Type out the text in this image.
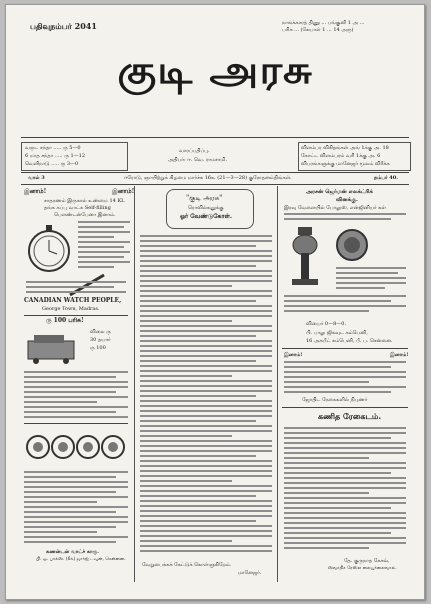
பதிவுநம்பர் 2041	நாங்க்காரத் திணு ... பங்குனி 1 அ ...
பரிசு ... (கேயாள் 1 ... 14 அரு)
குடி அரசு
வருட சந்தா ..... ரு 5—0
6 மாத சந்தா ..... ரு 1—12
வெளிநாடு ..... ரு 3—0
வாரப்பதிப்பு.
அதிபர்: ஈ. வெ. ராமசாமி.
விளம்பர விகிதங்கள் அங் 1க்கு அ. 18
கோட்ட விளம்பரம் வரி 1க்கு அ. 6
விபரங்களுக்கு மானேஜர் மூலம் விரீக்க
வால் 3	ஈரோடு, ஞாயிற்றுக் கிழமை மார்ச்சு 16உ (21—3—28) குரோதனம்திங்கள்.	நம்பர் 40.
இனாம்!	இனாம்!
சாதரணம் இருகால் உண்மை 14 KL
தங்க கப்பு வாட்சு Self-filling
பௌண்டன்பேனா இனாம்.
CANADIAN WATCH PEOPLE,
George Town, Madras.
ரு 100 பரிசு!
விலை ரு
30 தயார்
ரு 100
கணன்டன் வாட்ச் காரு.
பி. ஓ. பாக்ஸ். (6க்) ஜார்ஜ் டவுன், சென்னை.
"குடி அரசு"
ரொவில்கனுக்கு
ஓர் வேண்டுகோள்.
வேறுபைக்கக் கேட்டுக் கொள்ளுகிறேம்.
மானேஜர்.
அரசன் ஜெர்மன் எலக்ட்ரிக்
வினக்கு.
இரவு வேளையில் போலுஸ், என்ஜினியர் கள்
வியைர் 0—8—0.
பி. பாலு ஜிகவுட கம்பெனி,
16 அசுபீட் கம்பெனி, பீ. ப. சென்னை.
இனாம்!	இனாம்!
ஜோதிட ரேகைகளில் நிபுணர்
கணித ரேகைடம்.
தே. குருநாத கேசவ்,
ஸ்வாதிச ரேஸ்ல லையுர்லைவால்.
